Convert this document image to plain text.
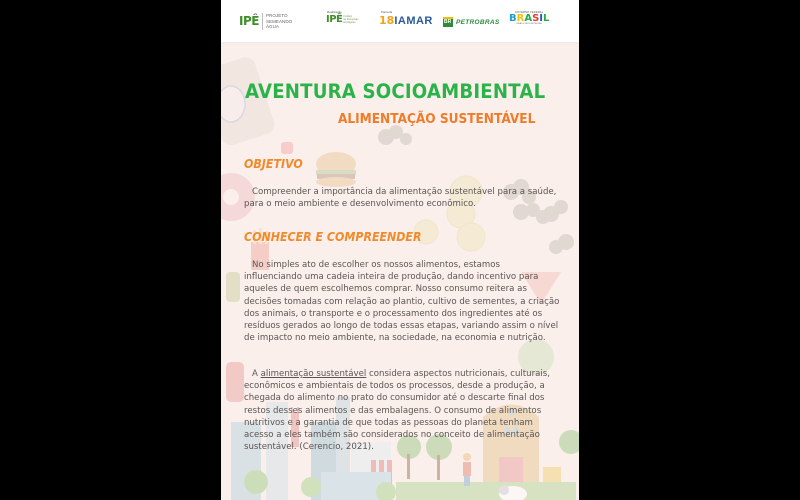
IPÊ PROJETO
SEMEANDO
ÁGUA
Realização
IPÊ Instituto
de Pesquisas
Ecológicas
Parceria
18 IAMAR BR PETROBRAS
GOVERNO FEDERAL
B R A S I L
UNIÃO E RECONSTRUÇÃO
AVENTURA SOCIOAMBIENTAL
ALIMENTAÇÃO SUSTENTÁVEL
OBJETIVO
Compreender a importância da alimentação sustentável para a saúde, para o meio ambiente e desenvolvimento econômico.
CONHECER E COMPREENDER
No simples ato de escolher os nossos alimentos, estamos influenciando uma cadeia inteira de produção, dando incentivo para aqueles de quem escolhemos comprar. Nosso consumo reitera as decisões tomadas com relação ao plantio, cultivo de sementes, a criação dos animais, o transporte e o processamento dos ingredientes até os resíduos gerados ao longo de todas essas etapas, variando assim o nível de impacto no meio ambiente, na sociedade, na economia e nutrição.
A alimentação sustentável considera aspectos nutricionais, culturais, econômicos e ambientais de todos os processos, desde a produção, a chegada do alimento no prato do consumidor até o descarte final dos restos desses alimentos e das embalagens. O consumo de alimentos nutritivos e a garantia de que todas as pessoas do planeta tenham acesso a eles também são considerados no conceito de alimentação sustentável. (Cerencio, 2021).
